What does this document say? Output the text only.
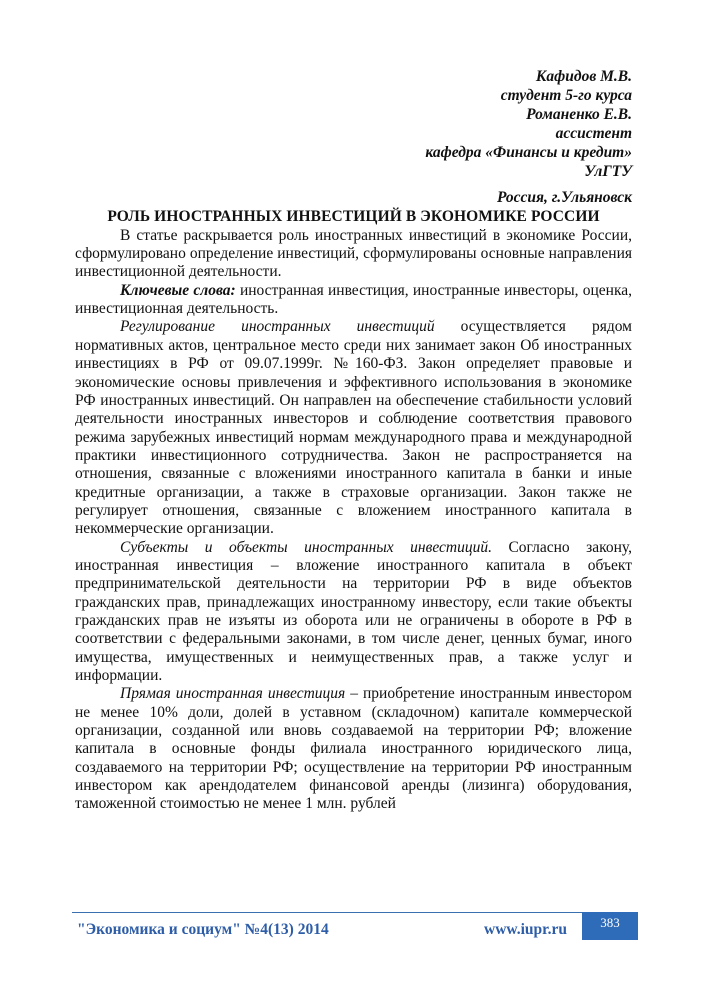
Кафидов М.В.
студент 5-го курса
Романенко Е.В.
ассистент
кафедра «Финансы и кредит»
УлГТУ
Россия, г.Ульяновск
РОЛЬ ИНОСТРАННЫХ ИНВЕСТИЦИЙ В ЭКОНОМИКЕ РОССИИ

В статье раскрывается роль иностранных инвестиций в экономике России, сформулировано определение инвестиций, сформулированы основные направления инвестиционной деятельности.

Ключевые слова: иностранная инвестиция, иностранные инвесторы, оценка, инвестиционная деятельность.

Регулирование иностранных инвестиций осуществляется рядом нормативных актов, центральное место среди них занимает закон Об иностранных инвестициях в РФ от 09.07.1999г. №160-ФЗ. Закон определяет правовые и экономические основы привлечения и эффективного использования в экономике РФ иностранных инвестиций. Он направлен на обеспечение стабильности условий деятельности иностранных инвесторов и соблюдение соответствия правового режима зарубежных инвестиций нормам международного права и международной практики инвестиционного сотрудничества. Закон не распространяется на отношения, связанные с вложениями иностранного капитала в банки и иные кредитные организации, а также в страховые организации. Закон также не регулирует отношения, связанные с вложением иностранного капитала в некоммерческие организации.

Субъекты и объекты иностранных инвестиций. Согласно закону, иностранная инвестиция – вложение иностранного капитала в объект предпринимательской деятельности на территории РФ в виде объектов гражданских прав, принадлежащих иностранному инвестору, если такие объекты гражданских прав не изъяты из оборота или не ограничены в обороте в РФ в соответствии с федеральными законами, в том числе денег, ценных бумаг, иного имущества, имущественных и неимущественных прав, а также услуг и информации.

Прямая иностранная инвестиция – приобретение иностранным инвестором не менее 10% доли, долей в уставном (складочном) капитале коммерческой организации, созданной или вновь создаваемой на территории РФ; вложение капитала в основные фонды филиала иностранного юридического лица, создаваемого на территории РФ; осуществление на территории РФ иностранным инвестором как арендодателем финансовой аренды (лизинга) оборудования, таможенной стоимостью не менее 1 млн. рублей

"Экономика и социум" №4(13) 2014	www.iupr.ru	383
